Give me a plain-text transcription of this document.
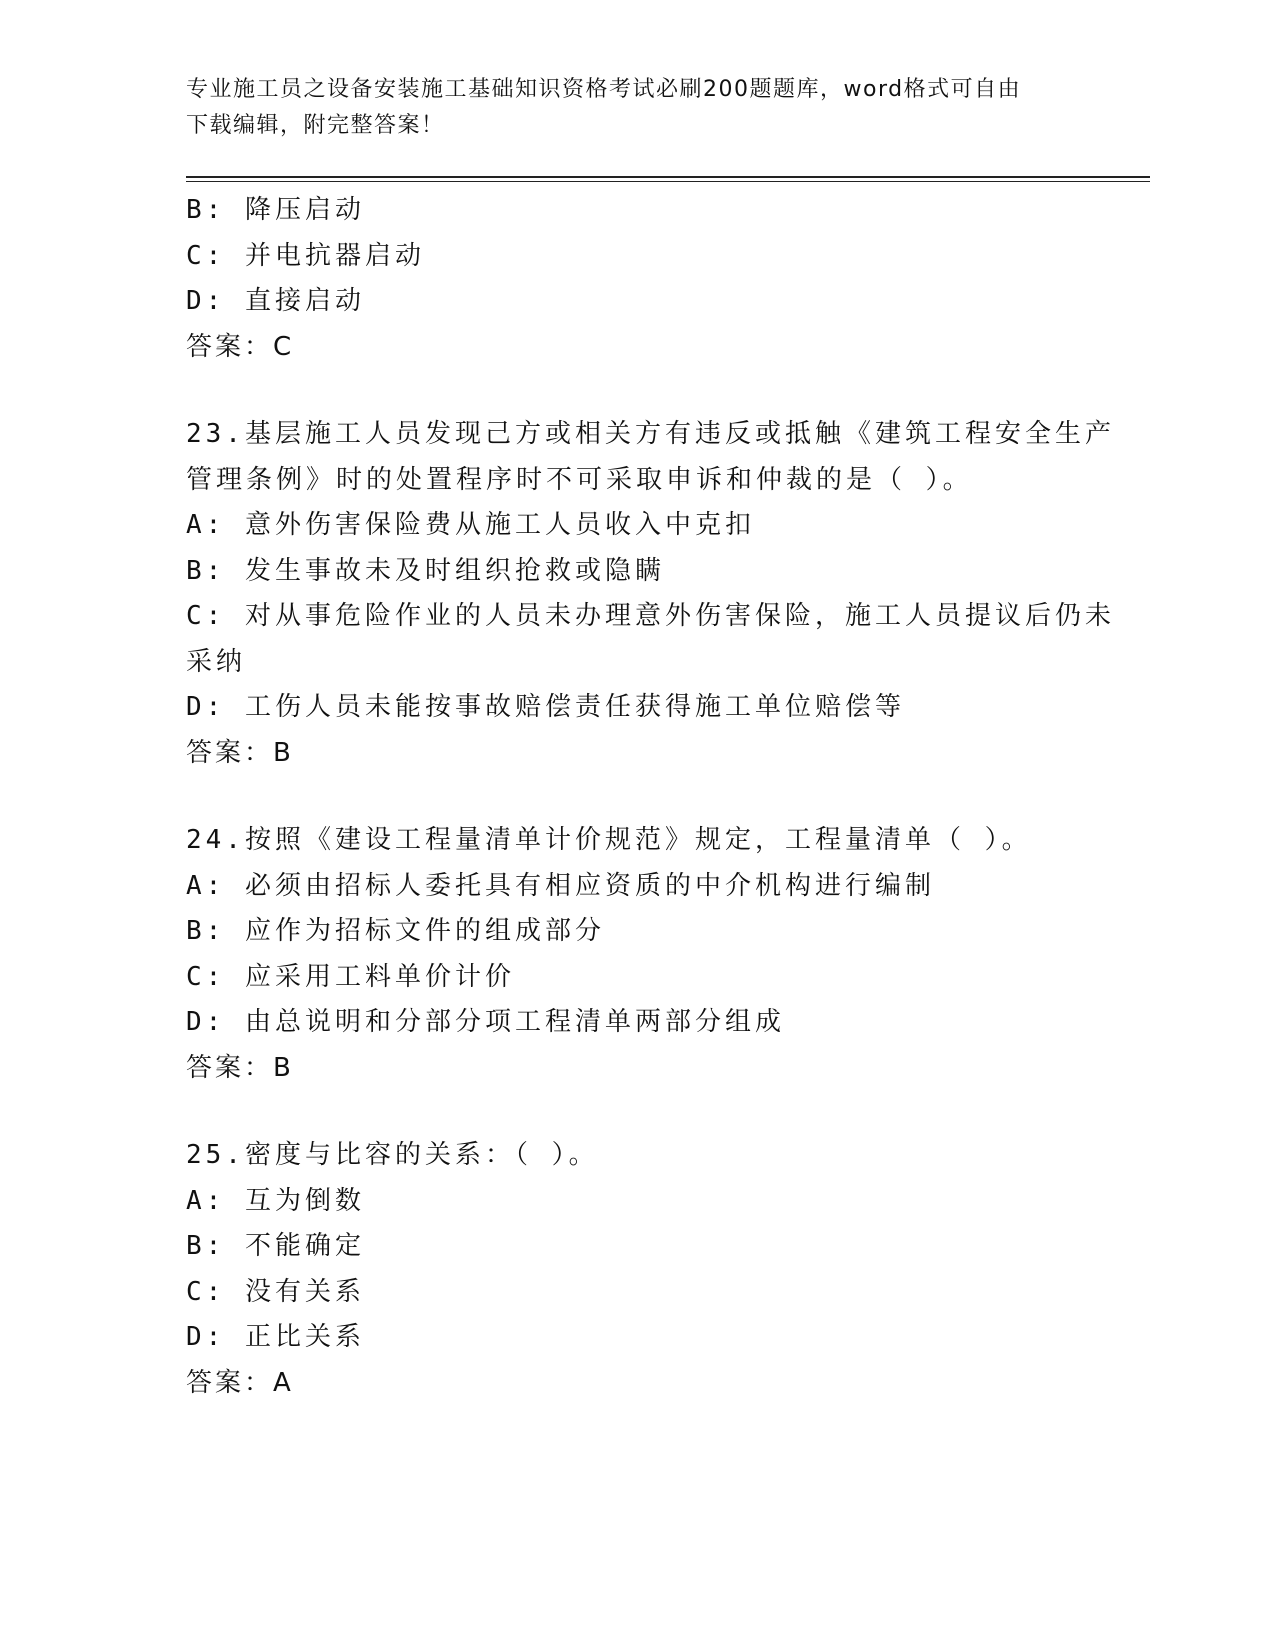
专业施工员之设备安装施工基础知识资格考试必刷200题题库，word格式可自由
下载编辑，附完整答案！
B: 降压启动
C: 并电抗器启动
D: 直接启动
答案：C
23.基层施工人员发现己方或相关方有违反或抵触《建筑工程安全生产
管理条例》时的处置程序时不可采取申诉和仲裁的是（ ）。
A: 意外伤害保险费从施工人员收入中克扣
B: 发生事故未及时组织抢救或隐瞒
C: 对从事危险作业的人员未办理意外伤害保险，施工人员提议后仍未
采纳
D: 工伤人员未能按事故赔偿责任获得施工单位赔偿等
答案：B
24.按照《建设工程量清单计价规范》规定，工程量清单（ ）。
A: 必须由招标人委托具有相应资质的中介机构进行编制
B: 应作为招标文件的组成部分
C: 应采用工料单价计价
D: 由总说明和分部分项工程清单两部分组成
答案：B
25.密度与比容的关系：（ ）。
A: 互为倒数
B: 不能确定
C: 没有关系
D: 正比关系
答案：A
